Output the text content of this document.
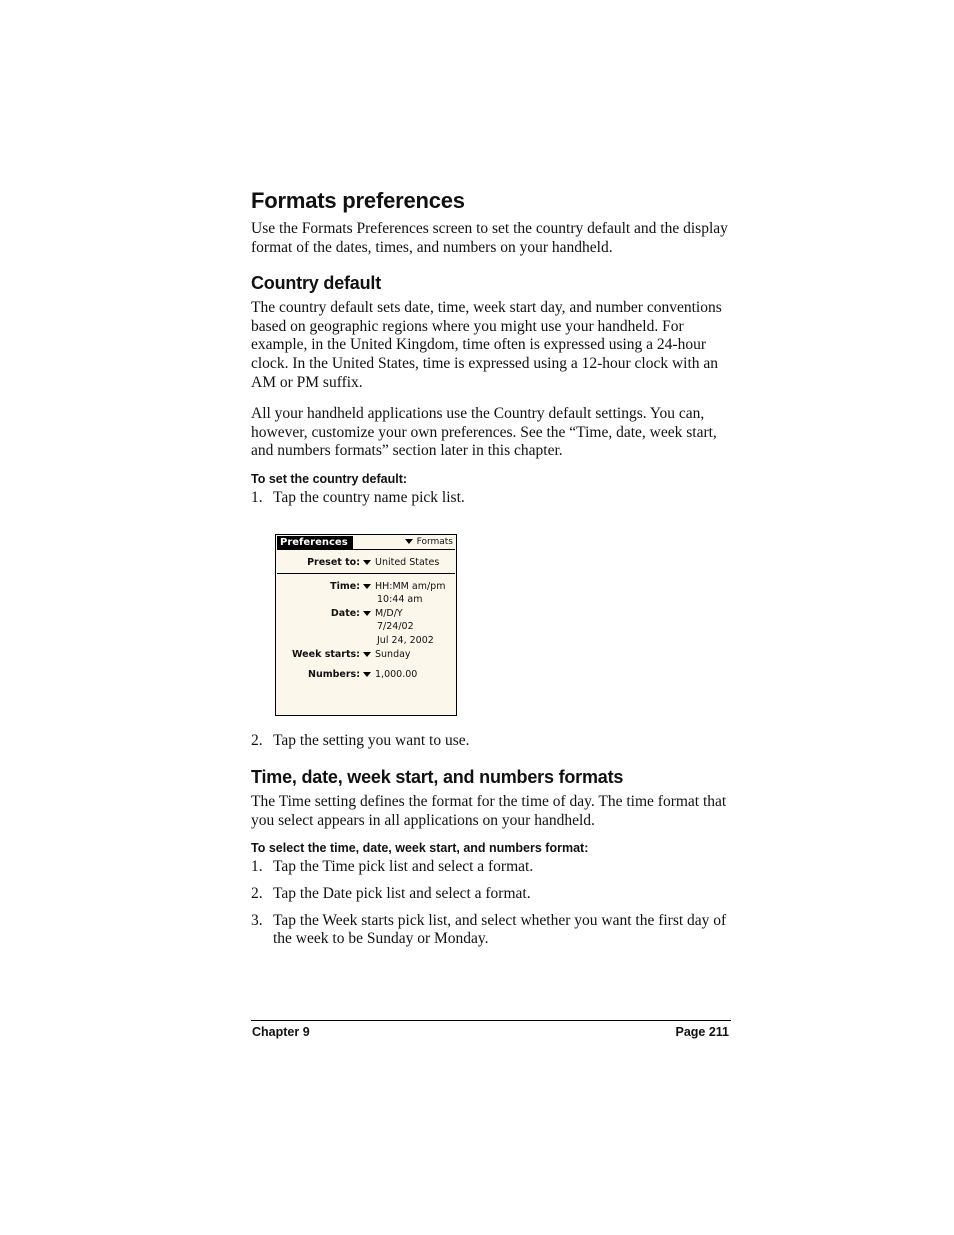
Formats preferences

Use the Formats Preferences screen to set the country default and the display format of the dates, times, and numbers on your handheld.

Country default

The country default sets date, time, week start day, and number conventions based on geographic regions where you might use your handheld. For example, in the United Kingdom, time often is expressed using a 24-hour clock. In the United States, time is expressed using a 12-hour clock with an AM or PM suffix.

All your handheld applications use the Country default settings. You can, however, customize your own preferences. See the “Time, date, week start, and numbers formats” section later in this chapter.

To set the country default:
1. Tap the country name pick list.
2. Tap the setting you want to use.
Time, date, week start, and numbers formats

The Time setting defines the format for the time of day. The time format that you select appears in all applications on your handheld.

To select the time, date, week start, and numbers format:
1. Tap the Time pick list and select a format.
2. Tap the Date pick list and select a format.
3. Tap the Week starts pick list, and select whether you want the first day of the week to be Sunday or Monday.
Preferences	Formats
Preset to:	United States
Time:	HH:MM am/pm
10:44 am
Date:	M/D/Y
7/24/02
Jul 24, 2002
Week starts:	Sunday
Numbers:	1,000.00
Chapter 9	Page 211
